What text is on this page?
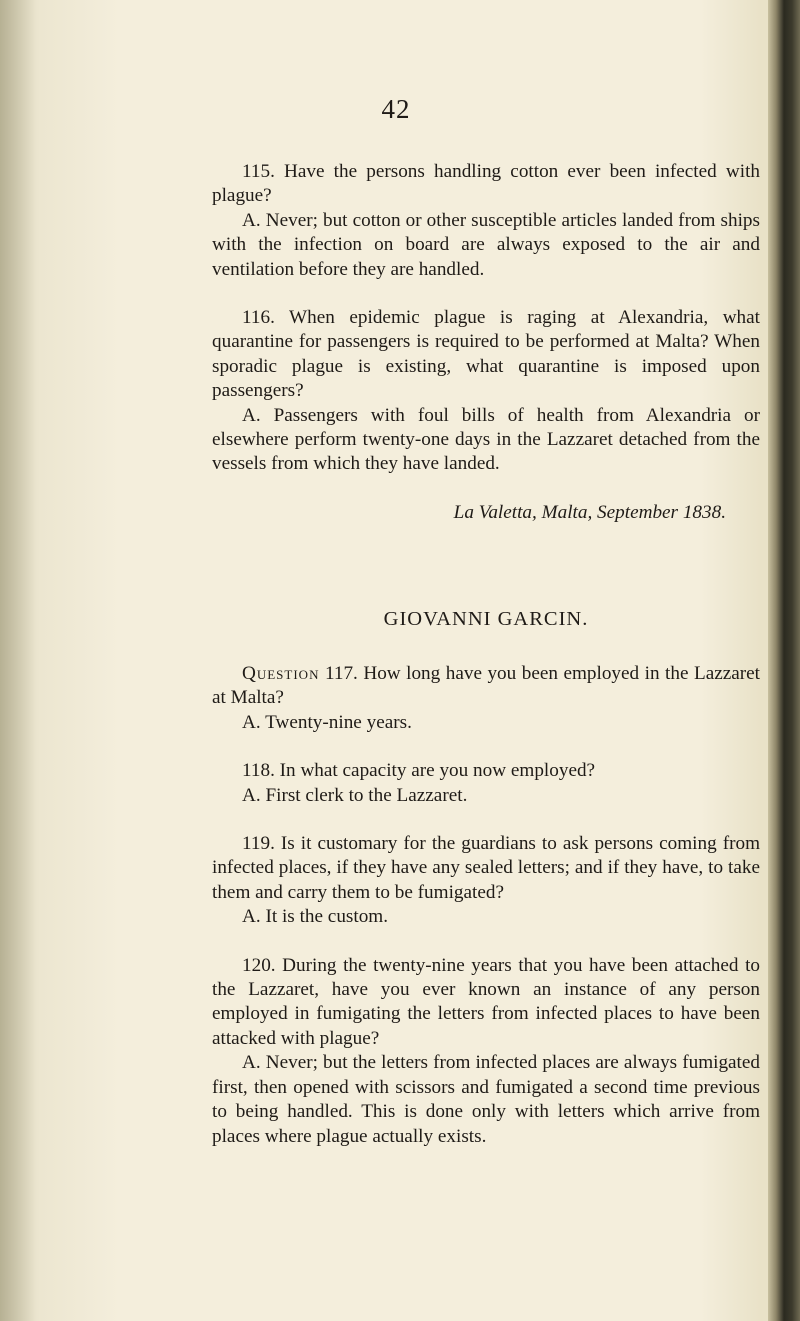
42

115. Have the persons handling cotton ever been infected with plague?

A. Never; but cotton or other susceptible articles landed from ships with the infection on board are always exposed to the air and ventilation before they are handled.

116. When epidemic plague is raging at Alexandria, what quarantine for passengers is required to be performed at Malta? When sporadic plague is existing, what quarantine is imposed upon passengers?

A. Passengers with foul bills of health from Alexandria or elsewhere perform twenty-one days in the Lazzaret detached from the vessels from which they have landed.

La Valetta, Malta, September 1838.

GIOVANNI GARCIN.

Question 117. How long have you been employed in the Lazzaret at Malta?

A. Twenty-nine years.

118. In what capacity are you now employed?

A. First clerk to the Lazzaret.

119. Is it customary for the guardians to ask persons coming from infected places, if they have any sealed letters; and if they have, to take them and carry them to be fumigated?

A. It is the custom.

120. During the twenty-nine years that you have been attached to the Lazzaret, have you ever known an instance of any person employed in fumigating the letters from infected places to have been attacked with plague?

A. Never; but the letters from infected places are always fumigated first, then opened with scissors and fumigated a second time previous to being handled. This is done only with letters which arrive from places where plague actually exists.
